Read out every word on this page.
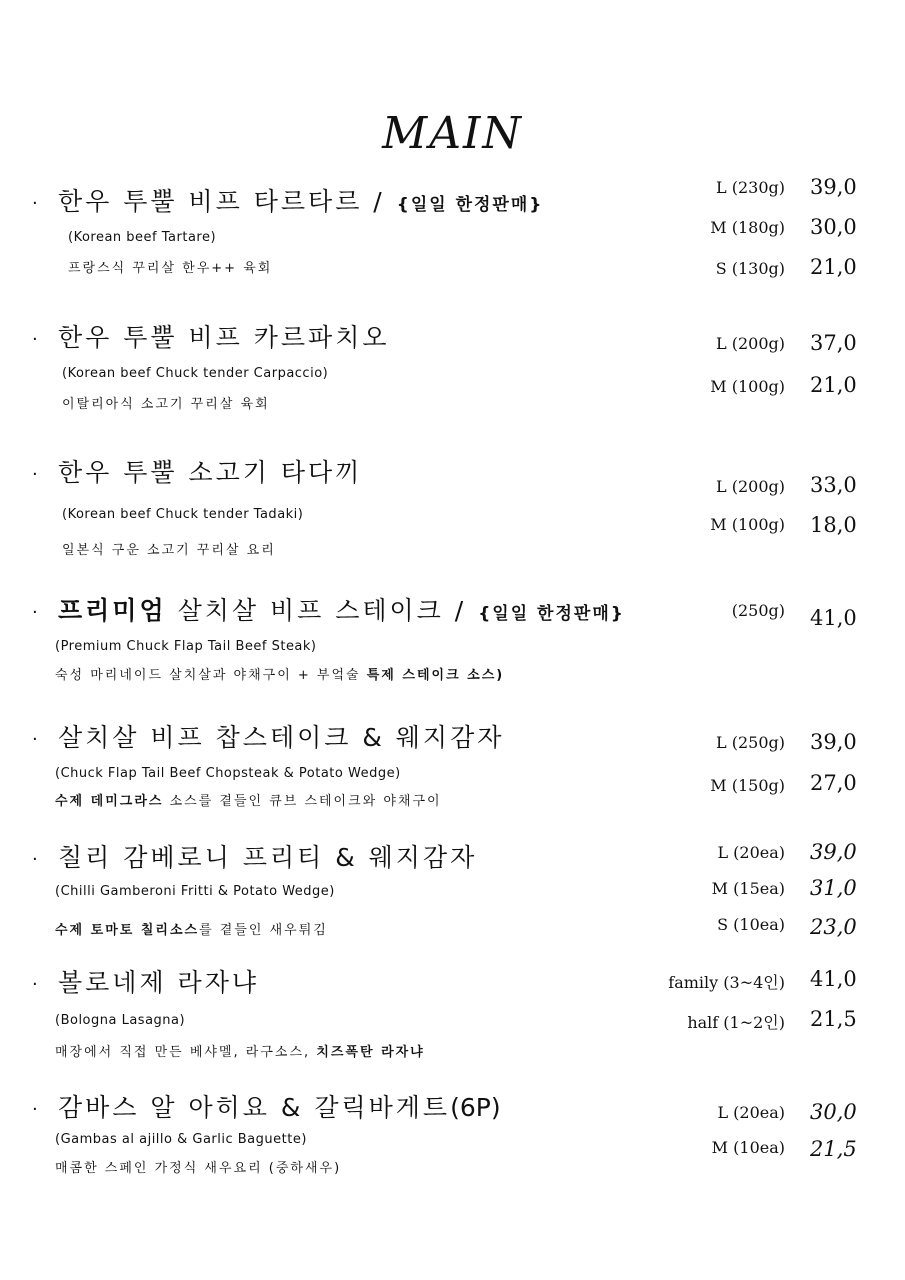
MAIN
· 한우 투뿔 비프 타르타르 / {일일 한정판매}
(Korean beef Tartare)
프랑스식 꾸리살 한우++ 육회
L (230g) 39,0
M (180g) 30,0
S (130g) 21,0
· 한우 투뿔 비프 카르파치오
(Korean beef Chuck tender Carpaccio)
이탈리아식 소고기 꾸리살 육회
L (200g) 37,0
M (100g) 21,0
· 한우 투뿔 소고기 타다끼
(Korean beef Chuck tender Tadaki)
일본식 구운 소고기 꾸리살 요리
L (200g) 33,0
M (100g) 18,0
· 프리미엄 살치살 비프 스테이크 / {일일 한정판매}
(Premium Chuck Flap Tail Beef Steak)
숙성 마리네이드 살치살과 야채구이 + 부엌술 특제 스테이크 소스)
(250g) 41,0
· 살치살 비프 찹스테이크 & 웨지감자
(Chuck Flap Tail Beef Chopsteak & Potato Wedge)
수제 데미그라스 소스를 곁들인 큐브 스테이크와 야채구이
L (250g) 39,0
M (150g) 27,0
· 칠리 감베로니 프리티 & 웨지감자
(Chilli Gamberoni Fritti & Potato Wedge)
수제 토마토 칠리소스를 곁들인 새우튀김
L (20ea) 39,0
M (15ea) 31,0
S (10ea) 23,0
· 볼로네제 라자냐
(Bologna Lasagna)
매장에서 직접 만든 베샤멜, 라구소스, 치즈폭탄 라자냐
family (3~4인) 41,0
half (1~2인) 21,5
· 감바스 알 아히요 & 갈릭바게트(6P)
(Gambas al ajillo & Garlic Baguette)
매콤한 스페인 가정식 새우요리 (중하새우)
L (20ea) 30,0
M (10ea) 21,5
